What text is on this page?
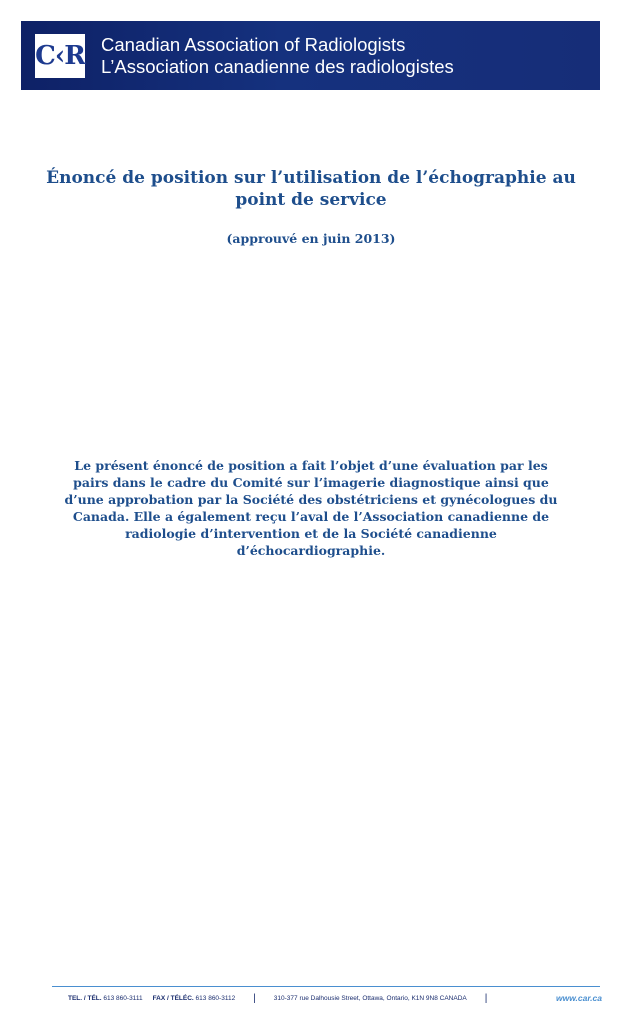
C‹R Canadian Association of Radiologists
L’Association canadienne des radiologistes
Énoncé de position sur l’utilisation de l’échographie au point de service
(approuvé en juin 2013)
Le présent énoncé de position a fait l’objet d’une évaluation par les pairs dans le cadre du Comité sur l’imagerie diagnostique ainsi que d’une approbation par la Société des obstétriciens et gynécologues du Canada. Elle a également reçu l’aval de l’Association canadienne de radiologie d’intervention et de la Société canadienne d’échocardiographie.
TEL. / TÉL.
613 860-3111 FAX / TÉLÉC.
613 860-3112 |	310-377 rue Dalhousie Street, Ottawa, Ontario, K1N 9N8 CANADA |	www.car.ca
